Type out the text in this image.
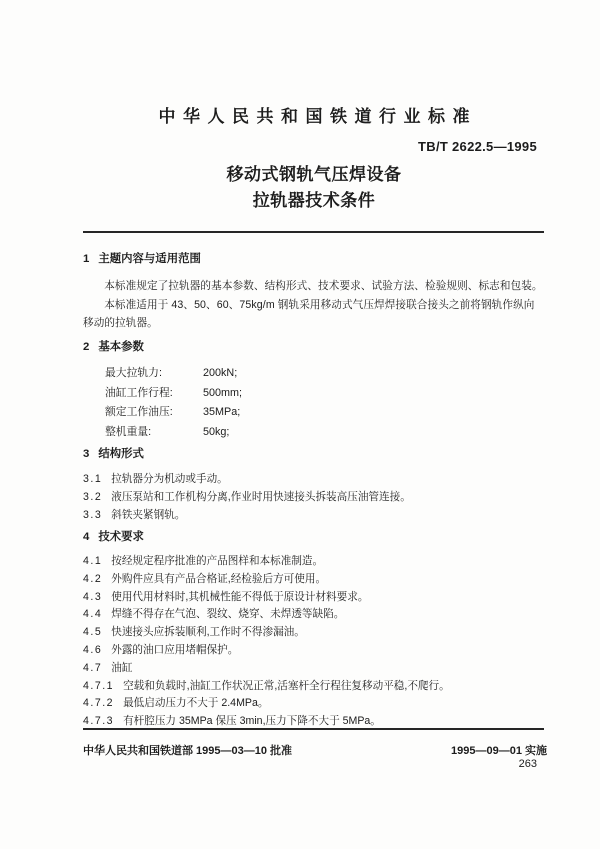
中华人民共和国铁道行业标准
TB/T 2622.5—1995
移动式钢轨气压焊设备
拉轨器技术条件
1 主题内容与适用范围

本标准规定了拉轨器的基本参数、结构形式、技术要求、试验方法、检验规则、标志和包装。

本标准适用于 43、50、60、75kg/m 钢轨采用移动式气压焊焊接联合接头之前将钢轨作纵向移动的拉轨器。

2 基本参数
最大拉轨力:	200kN;
油缸工作行程:	500mm;
额定工作油压:	35MPa;
整机重量:	50kg;
3 结构形式
3.1 拉轨器分为机动或手动。
3.2 液压泵站和工作机构分离,作业时用快速接头拆装高压油管连接。
3.3 斜铁夹紧钢轨。
4 技术要求
4.1 按经规定程序批准的产品图样和本标准制造。
4.2 外购件应具有产品合格证,经检验后方可使用。
4.3 使用代用材料时,其机械性能不得低于原设计材料要求。
4.4 焊缝不得存在气泡、裂纹、烧穿、未焊透等缺陷。
4.5 快速接头应拆装顺利,工作时不得渗漏油。
4.6 外露的油口应用堵帽保护。
4.7 油缸
4.7.1 空载和负载时,油缸工作状况正常,活塞杆全行程往复移动平稳,不爬行。
4.7.2 最低启动压力不大于 2.4MPa。
4.7.3 有杆腔压力 35MPa 保压 3min,压力下降不大于 5MPa。
中华人民共和国铁道部 1995—03—10 批准	1995—09—01 实施
263
